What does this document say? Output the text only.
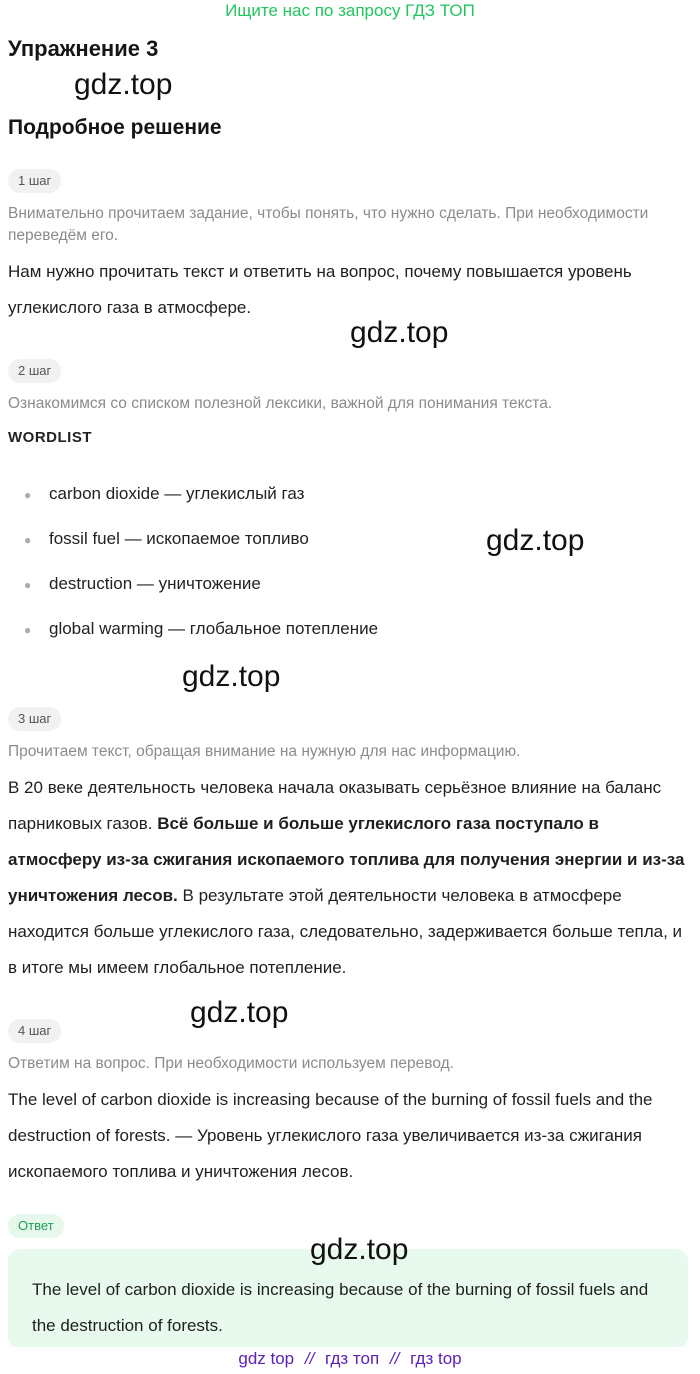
Ищите нас по запросу ГДЗ ТОП
Упражнение 3
gdz.top
Подробное решение
1 шаг
Внимательно прочитаем задание, чтобы понять, что нужно сделать. При необходимости переведём его.
Нам нужно прочитать текст и ответить на вопрос, почему повышается уровень углекислого газа в атмосфере.
gdz.top
2 шаг
Ознакомимся со списком полезной лексики, важной для понимания текста.
WORDLIST
● carbon dioxide — углекислый газ
● fossil fuel — ископаемое топливо
● destruction — уничтожение
● global warming — глобальное потепление
gdz.top
gdz.top
3 шаг
Прочитаем текст, обращая внимание на нужную для нас информацию.
В 20 веке деятельность человека начала оказывать серьёзное влияние на баланс парниковых газов. Всё больше и больше углекислого газа поступало в атмосферу из-за сжигания ископаемого топлива для получения энергии и из-за уничтожения лесов. В результате этой деятельности человека в атмосфере находится больше углекислого газа, следовательно, задерживается больше тепла, и в итоге мы имеем глобальное потепление.
gdz.top
4 шаг
Ответим на вопрос. При необходимости используем перевод.
The level of carbon dioxide is increasing because of the burning of fossil fuels and the destruction of forests. — Уровень углекислого газа увеличивается из-за сжигания ископаемого топлива и уничтожения лесов.
Ответ
gdz.top
The level of carbon dioxide is increasing because of the burning of fossil fuels and the destruction of forests.
gdz top // гдз топ // гдз top
